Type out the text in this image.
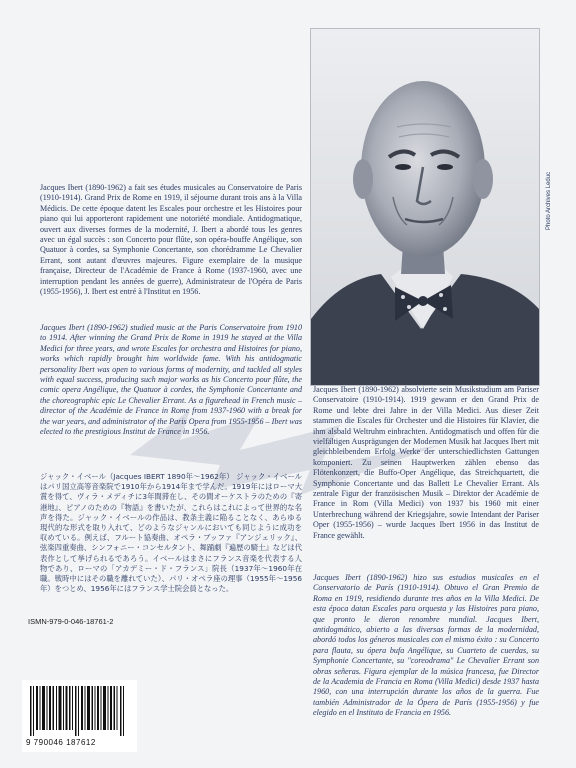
Photo Archives Leduc

Jacques Ibert (1890-1962) a fait ses études musicales au Conservatoire de Paris (1910-1914). Grand Prix de Rome en 1919, il séjourne durant trois ans à la Villa Médicis. De cette époque datent les Escales pour orchestre et les Histoires pour piano qui lui apporteront rapidement une notoriété mondiale. Antidogmatique, ouvert aux diverses formes de la modernité, J. Ibert a abordé tous les genres avec un égal succès : son Concerto pour flûte, son opéra-bouffe Angélique, son Quatuor à cordes, sa Symphonie Concertante, son chorédramme Le Chevalier Errant, sont autant d'œuvres majeures. Figure exemplaire de la musique française, Directeur de l'Académie de France à Rome (1937-1960, avec une interruption pendant les années de guerre), Administrateur de l'Opéra de Paris (1955-1956), J. Ibert est entré à l'Institut en 1956.

Jacques Ibert (1890-1962) studied music at the Paris Conservatoire from 1910 to 1914. After winning the Grand Prix de Rome in 1919 he stayed at the Villa Medici for three years, and wrote Escales for orchestra and Histoires for piano, works which rapidly brought him worldwide fame. With his antidogmatic personality Ibert was open to various forms of modernity, and tackled all styles with equal success, producing such major works as his Concerto pour flûte, the comic opera Angélique, the Quatuor à cordes, the Symphonie Concertante and the choreographic epic Le Chevalier Errant. As a figurehead in French music – director of the Académie de France in Rome from 1937-1960 with a break for the war years, and administrator of the Paris Opera from 1955-1956 – Ibert was elected to the prestigious Institut de France in 1956.

ジャック・イベール（Jacques IBERT 1890年～1962年） ジャック・イベールはパリ国立高等音楽院で1910年から1914年まで学んだ。1919年にはローマ大賞を得て、ヴィラ・メディチに3年間滞在し、その間オーケストラのための『寄港地』、ピアノのための『物語』を書いたが、これらはこれによって世界的な名声を得た。ジャック・イベールの作品は、教条主義に陥ることなく、あらゆる現代的な形式を取り入れて、どのようなジャンルにおいても同じように成功を収めている。例えば、フルート協奏曲、オペラ・ブッファ『アンジェリック』、弦楽四重奏曲、シンフォニー・コンセルタント、舞踊劇『遍歴の騎士』などは代表作として挙げられるであろう。イベールはまさにフランス音楽を代表する人物であり、ローマの「アカデミー・ド・フランス」院長（1937年～1960年在職。戦時中にはその職を離れていた）、パリ・オペラ座の理事（1955年～1956年）をつとめ、1956年にはフランス学士院会員となった。

Jacques Ibert (1890-1962) absolvierte sein Musikstudium am Pariser Conservatoire (1910-1914). 1919 gewann er den Grand Prix de Rome und lebte drei Jahre in der Villa Medici. Aus dieser Zeit stammen die Escales für Orchester und die Histoires für Klavier, die ihm alsbald Weltruhm einbrachten. Antidogmatisch und offen für die vielfältigen Ausprägungen der Modernen Musik hat Jacques Ibert mit gleichbleibendem Erfolg Werke der unterschiedlichsten Gattungen komponiert. Zu seinen Hauptwerken zählen ebenso das Flötenkonzert, die Buffo-Oper Angélique, das Streichquartett, die Symphonie Concertante und das Ballett Le Chevalier Errant. Als zentrale Figur der französischen Musik – Direktor der Académie de France in Rom (Villa Medici) von 1937 bis 1960 mit einer Unterbrechung während der Kriegsjahre, sowie Intendant der Pariser Oper (1955-1956) – wurde Jacques Ibert 1956 in das Institut de France gewählt.

Jacques Ibert (1890-1962) hizo sus estudios musicales en el Conservatorio de París (1910-1914). Obtuvo el Gran Premio de Roma en 1919, residiendo durante tres años en la Villa Medici. De esta época datan Escales para orquesta y las Histoires para piano, que pronto le dieron renombre mundial. Jacques Ibert, antidogmático, abierto a las diversas formas de la modernidad, abordó todos los géneros musicales con el mismo éxito : su Concerto para flauta, su ópera bufa Angélique, su Cuarteto de cuerdas, su Symphonie Concertante, su "coreodrama" Le Chevalier Errant son obras señeras. Figura ejemplar de la música francesa, fue Director de la Academia de Francia en Roma (Villa Medici) desde 1937 hasta 1960, con una interrupción durante los años de la guerra. Fue también Administrador de la Ópera de París (1955-1956) y fue elegido en el Instituto de Francia en 1956.

ISMN-979-0-046-18761-2
9 790046 187612
